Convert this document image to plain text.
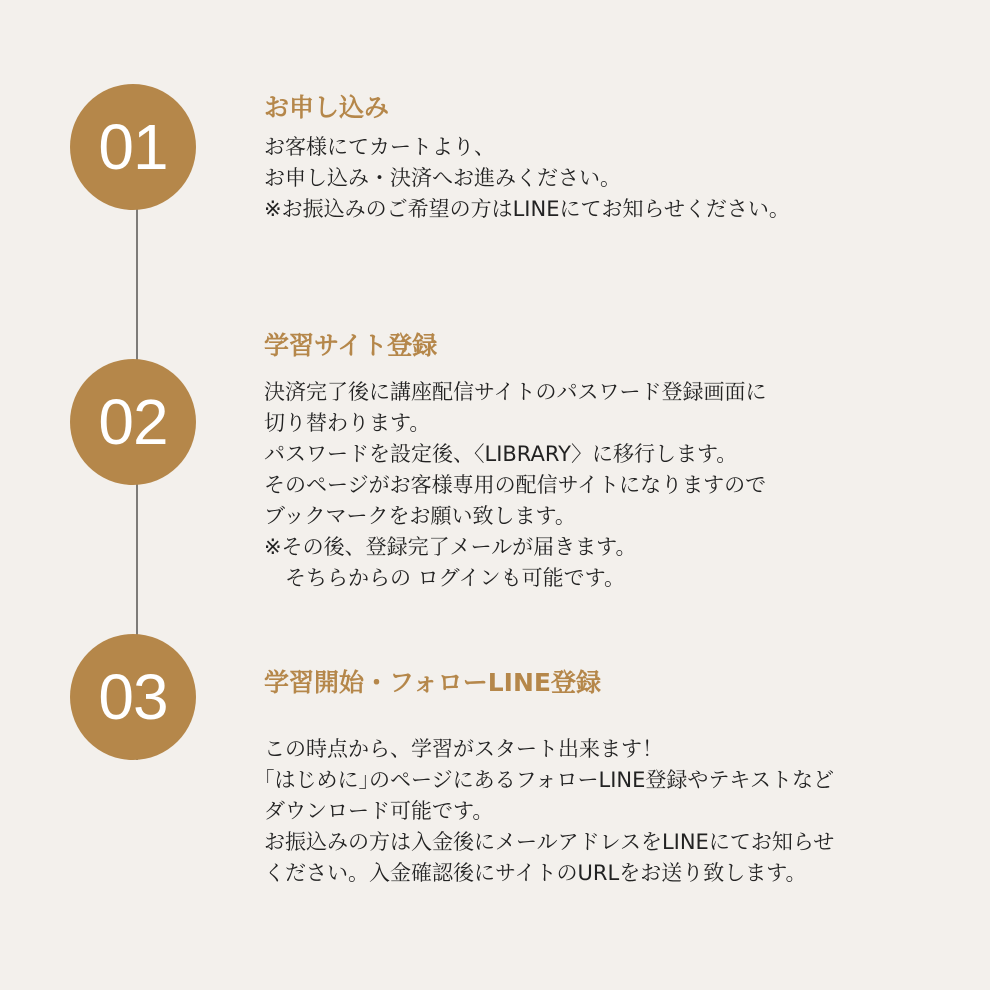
01
お申し込み

お客様にてカートより、
お申し込み・決済へお進みください。
※お振込みのご希望の方はLINEにてお知らせください。

02
学習サイト登録

決済完了後に講座配信サイトのパスワード登録画面に
切り替わります。
パスワードを設定後、〈LIBRARY〉に移行します。
そのページがお客様専用の配信サイトになりますので
ブックマークをお願い致します。
※その後、登録完了メールが届きます。
　そちらからの ログインも可能です。

03	学習開始・フォローLINE登録

この時点から、学習がスタート出来ます！
｢はじめに｣のページにあるフォローLINE登録やテキストなど
ダウンロード可能です。
お振込みの方は入金後にメールアドレスをLINEにてお知らせ
ください。入金確認後にサイトのURLをお送り致します。
